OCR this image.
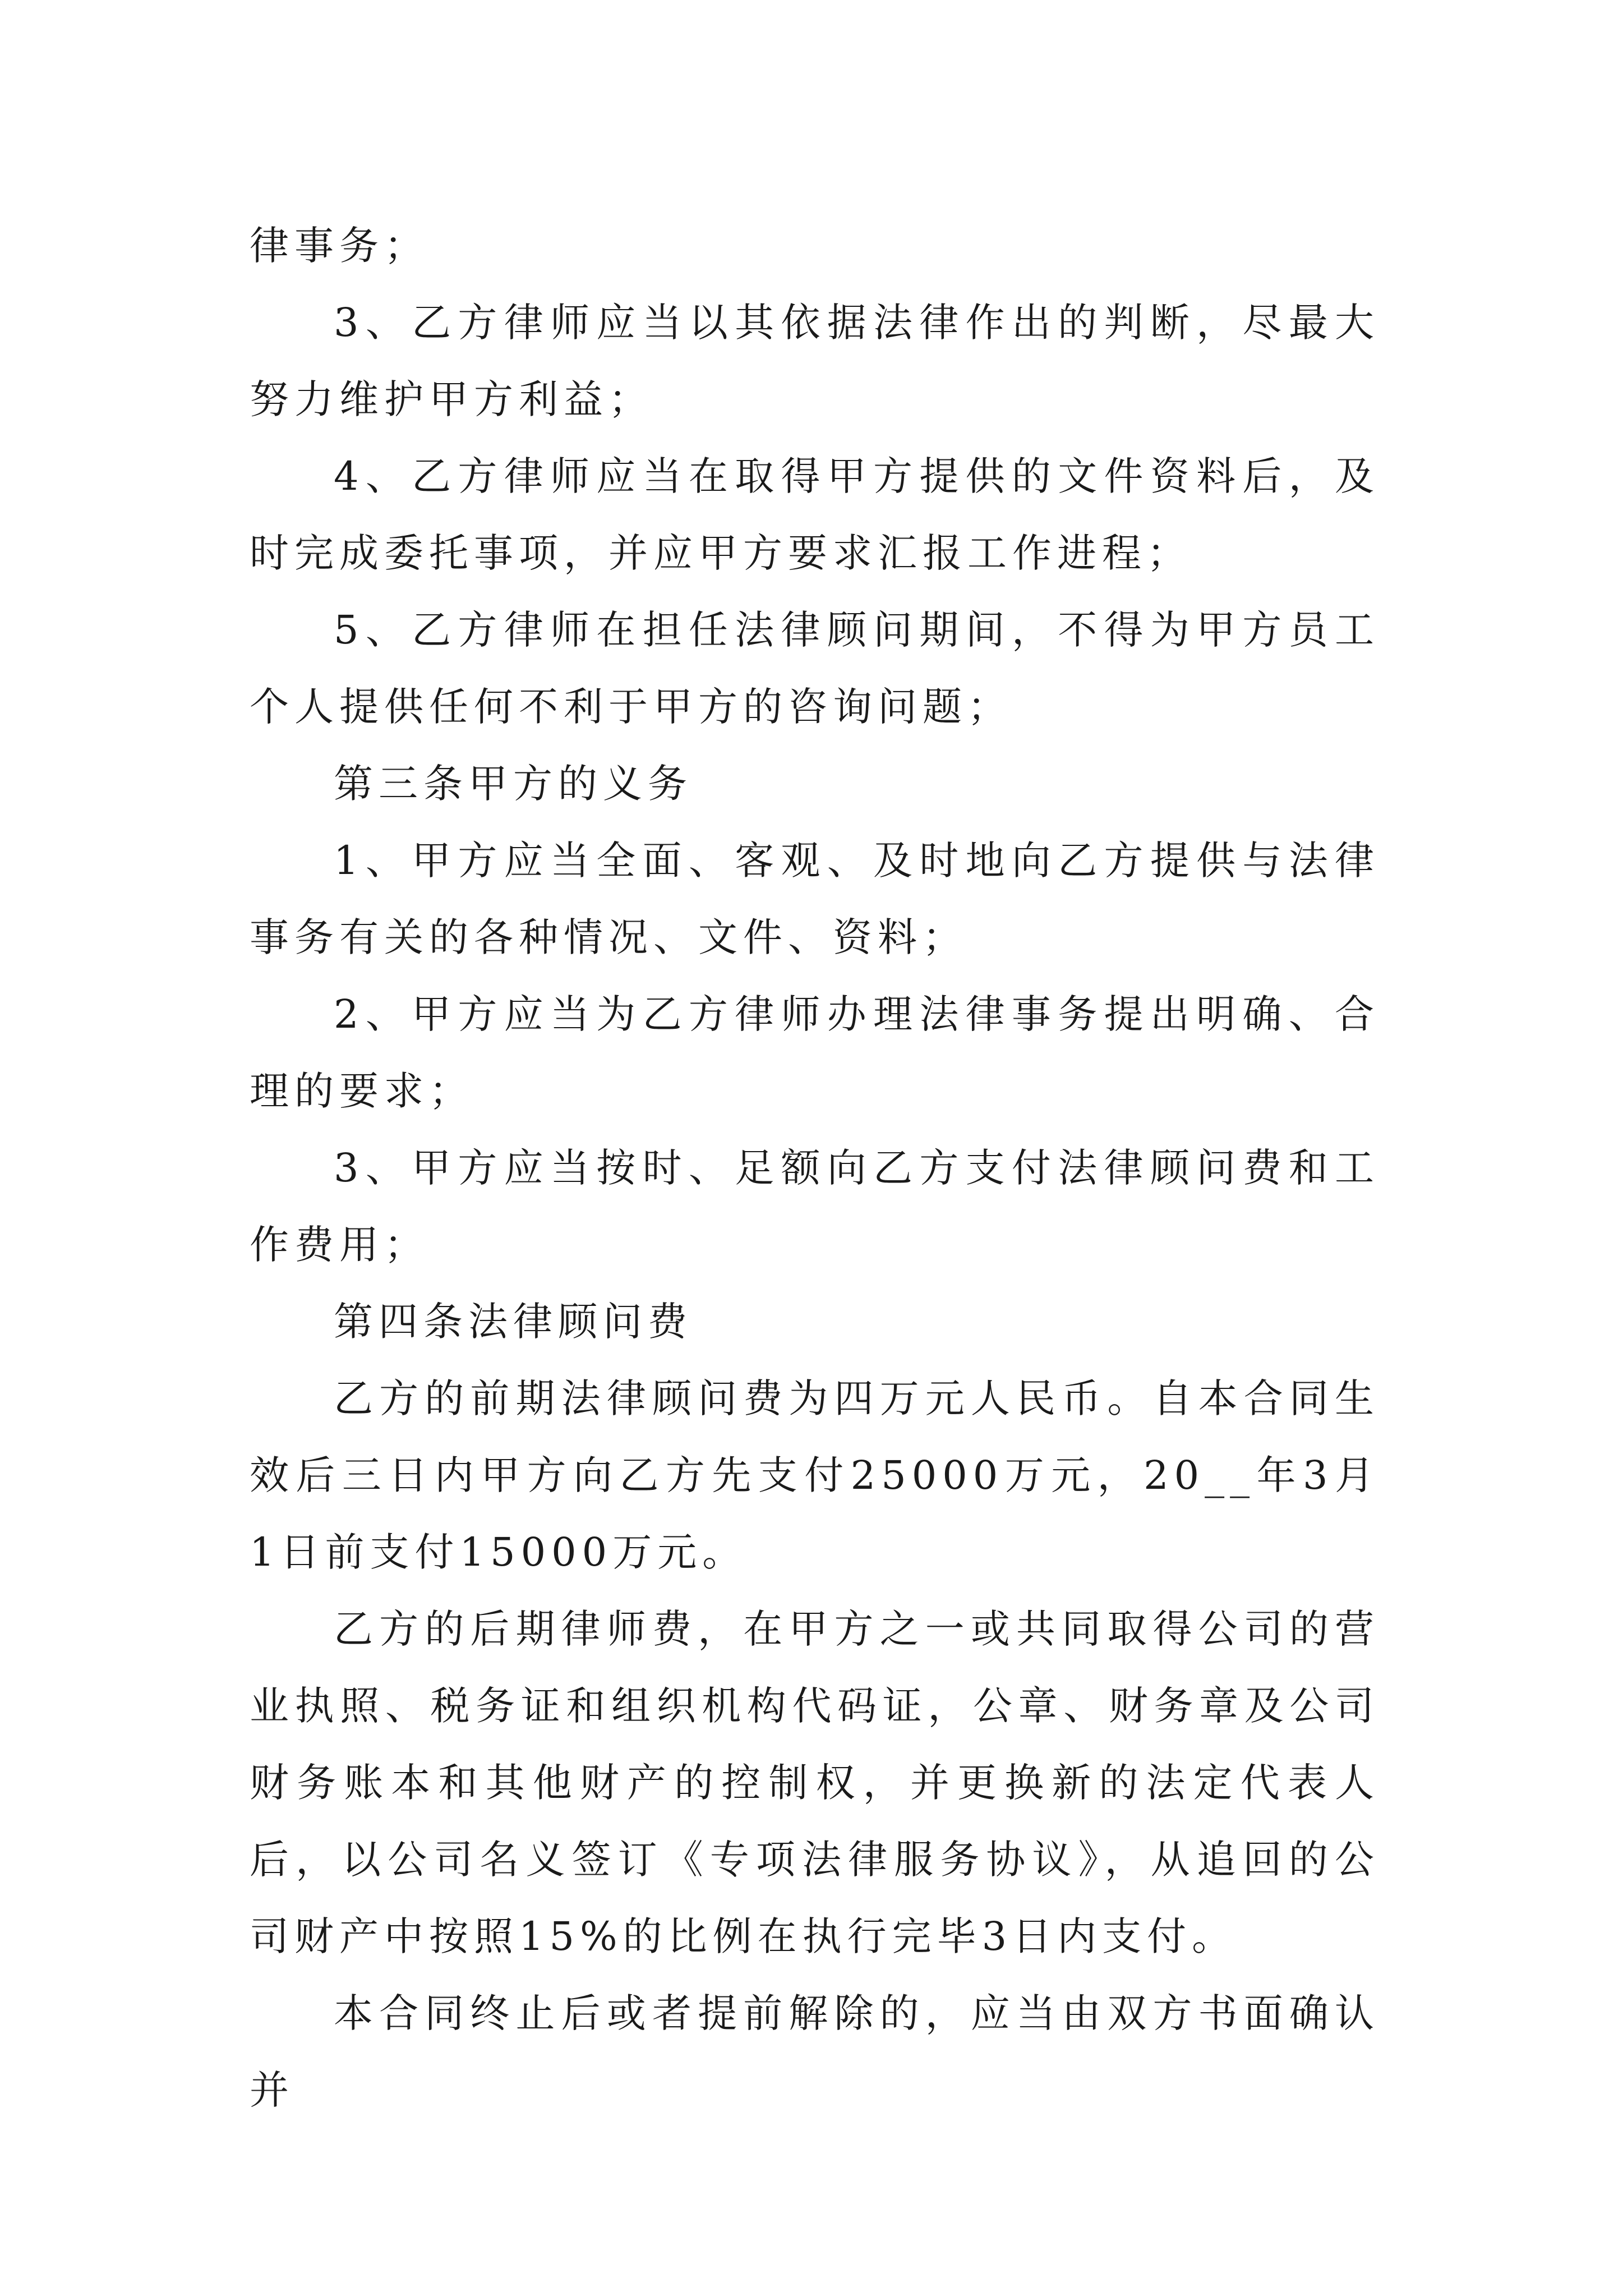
律事务；

3、乙方律师应当以其依据法律作出的判断，尽最大努力维护甲方利益；

4、乙方律师应当在取得甲方提供的文件资料后，及时完成委托事项，并应甲方要求汇报工作进程；

5、乙方律师在担任法律顾问期间，不得为甲方员工个人提供任何不利于甲方的咨询问题；

第三条甲方的义务

1、甲方应当全面、客观、及时地向乙方提供与法律事务有关的各种情况、文件、资料；

2、甲方应当为乙方律师办理法律事务提出明确、合理的要求；

3、甲方应当按时、足额向乙方支付法律顾问费和工作费用；

第四条法律顾问费

乙方的前期法律顾问费为四万元人民币。自本合同生效后三日内甲方向乙方先支付25000万元，20__年3月1日前支付15000万元。

乙方的后期律师费，在甲方之一或共同取得公司的营业执照、税务证和组织机构代码证，公章、财务章及公司财务账本和其他财产的控制权，并更换新的法定代表人后，以公司名义签订《专项法律服务协议》，从追回的公司财产中按照15%的比例在执行完毕3日内支付。

本合同终止后或者提前解除的，应当由双方书面确认并
